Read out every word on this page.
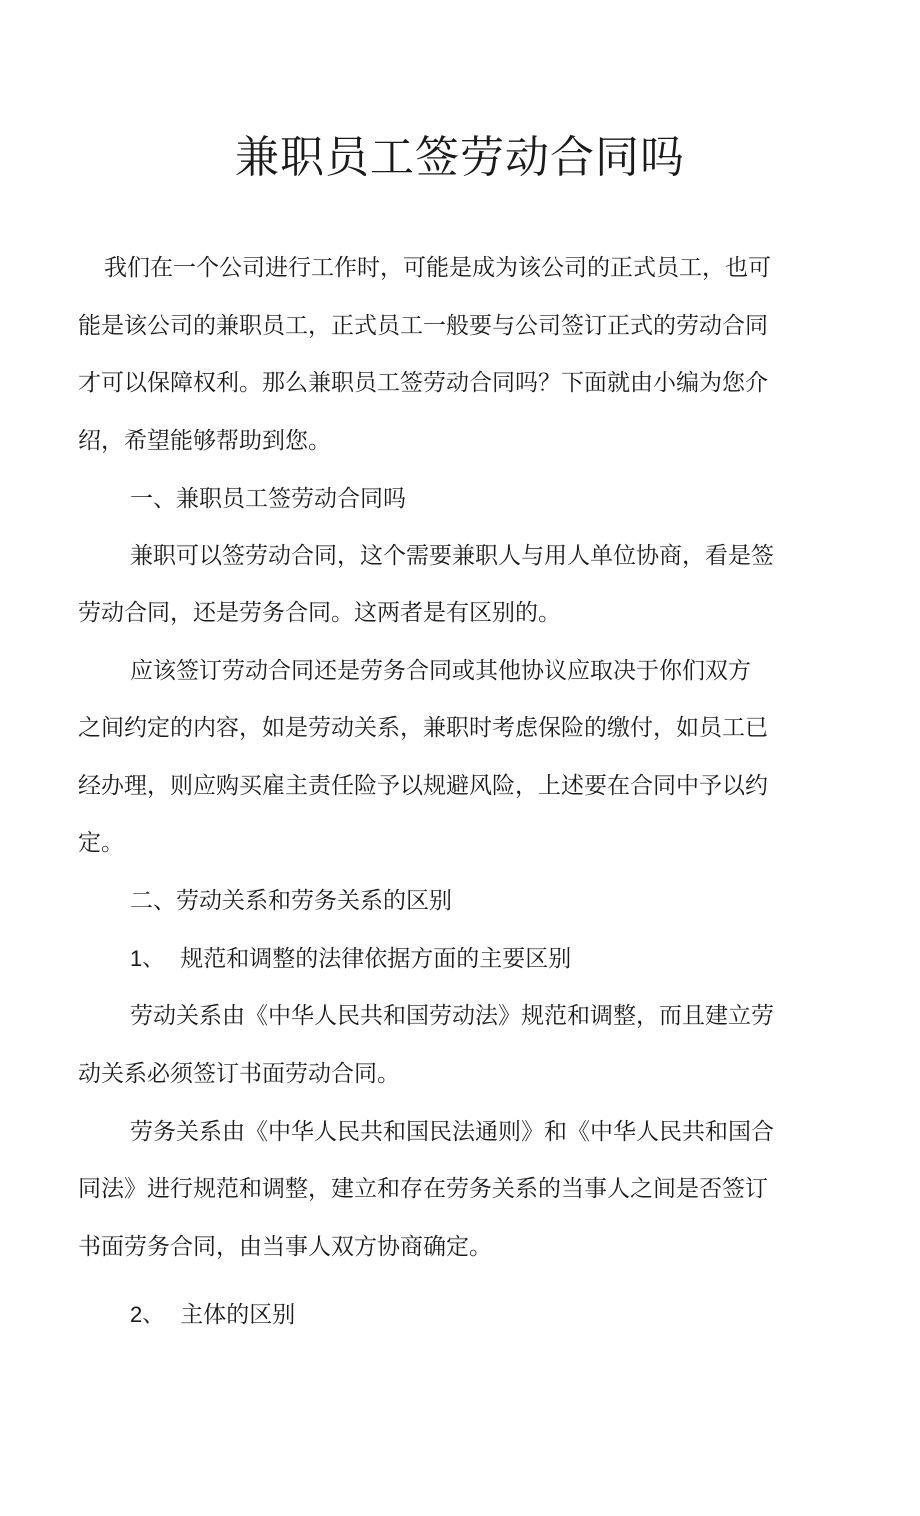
兼职员工签劳动合同吗

我们在一个公司进行工作时，可能是成为该公司的正式员工，也可

能是该公司的兼职员工，正式员工一般要与公司签订正式的劳动合同

才可以保障权利。那么兼职员工签劳动合同吗？下面就由小编为您介

绍，希望能够帮助到您。

一、兼职员工签劳动合同吗

兼职可以签劳动合同，这个需要兼职人与用人单位协商，看是签

劳动合同，还是劳务合同。这两者是有区别的。

应该签订劳动合同还是劳务合同或其他协议应取决于你们双方

之间约定的内容，如是劳动关系，兼职时考虑保险的缴付，如员工已

经办理，则应购买雇主责任险予以规避风险，上述要在合同中予以约

定。

二、劳动关系和劳务关系的区别

1、 规范和调整的法律依据方面的主要区别

劳动关系由《中华人民共和国劳动法》规范和调整，而且建立劳

动关系必须签订书面劳动合同。

劳务关系由《中华人民共和国民法通则》和《中华人民共和国合

同法》进行规范和调整，建立和存在劳务关系的当事人之间是否签订

书面劳务合同，由当事人双方协商确定。

2、 主体的区别
